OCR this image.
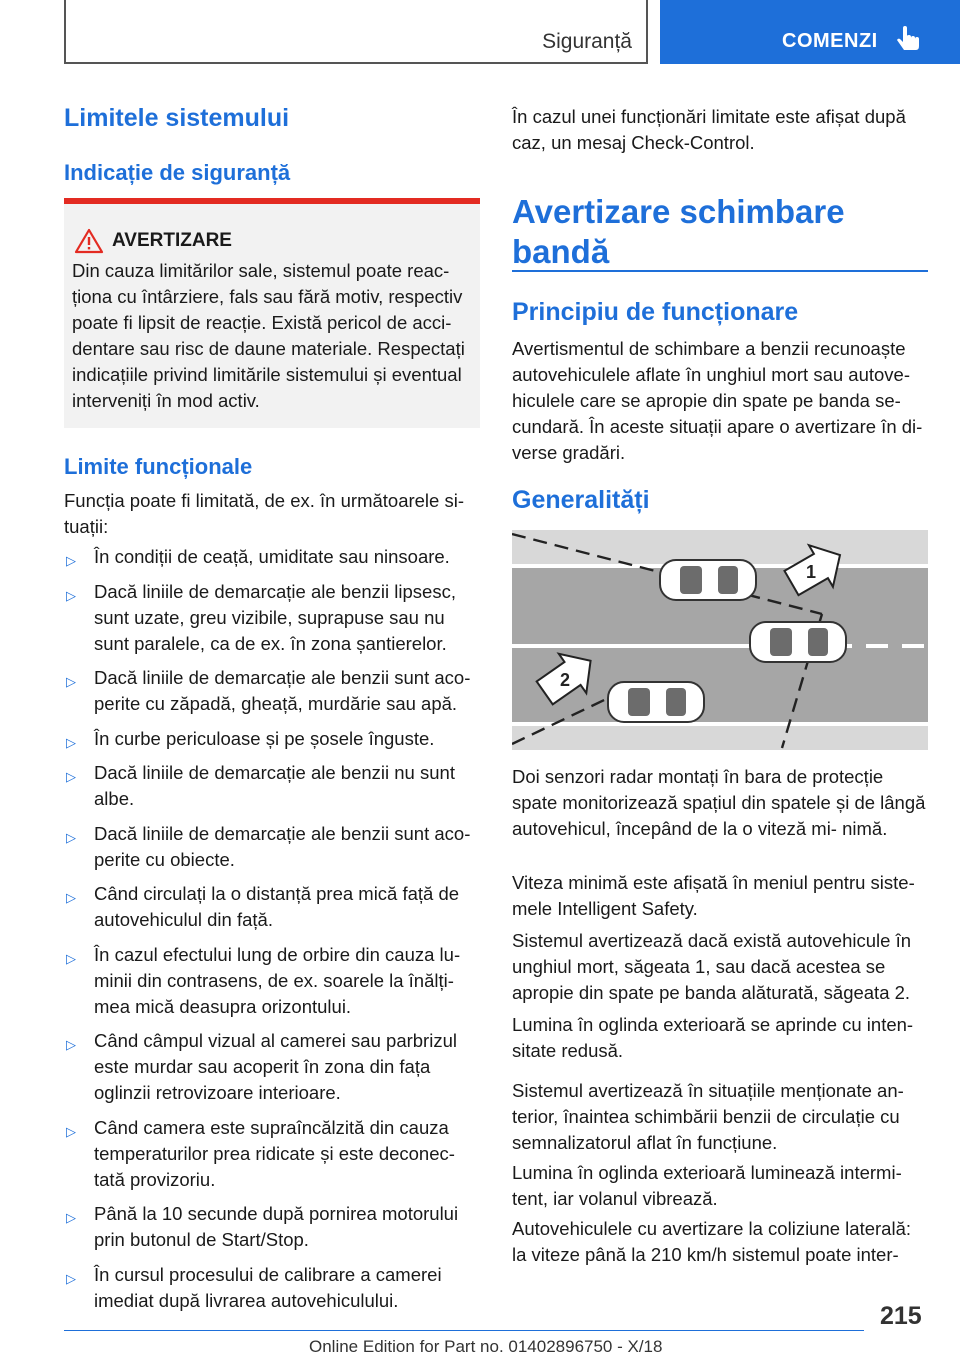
Siguranță	COMENZI
Limitele sistemului
Indicație de siguranță
AVERTIZARE

Din cauza limitărilor sale, sistemul poate reac‐ ționa cu întârziere, fals sau fără motiv, respectiv poate fi lipsit de reacție. Există pericol de acci‐ dentare sau risc de daune materiale. Respectați indicațiile privind limitările sistemului și eventual interveniți în mod activ.

Limite funcționale

Funcția poate fi limitată, de ex. în următoarele si‐ tuații:

▷ În condiții de ceață, umiditate sau ninsoare.
▷ Dacă liniile de demarcație ale benzii lipsesc, sunt uzate, greu vizibile, suprapuse sau nu sunt paralele, ca de ex. în zona șantierelor.
▷ Dacă liniile de demarcație ale benzii sunt aco‐ perite cu zăpadă, gheață, murdărie sau apă.
▷ În curbe periculoase și pe șosele înguste.
▷ Dacă liniile de demarcație ale benzii nu sunt albe.
▷ Dacă liniile de demarcație ale benzii sunt aco‐ perite cu obiecte.
▷ Când circulați la o distanță prea mică față de autovehiculul din față.
▷ În cazul efectului lung de orbire din cauza lu‐ minii din contrasens, de ex. soarele la înălți‐ mea mică deasupra orizontului.
▷ Când câmpul vizual al camerei sau parbrizul este murdar sau acoperit în zona din fața oglinzii retrovizoare interioare.
▷ Când camera este supraîncălzită din cauza temperaturilor prea ridicate și este deconec‐ tată provizoriu.
▷ Până la 10 secunde după pornirea motorului prin butonul de Start/Stop.
▷ În cursul procesului de calibrare a camerei imediat după livrarea autovehiculului.

În cazul unei funcționări limitate este afișat după caz, un mesaj Check-Control.

Avertizare schimbare bandă
Principiu de funcționare

Avertismentul de schimbare a benzii recunoaște autovehiculele aflate în unghiul mort sau autove‐ hiculele care se apropie din spate pe banda se‐ cundară. În aceste situații apare o avertizare în di‐ verse gradări.

Generalități
1
2

Doi senzori radar montați în bara de protecție spate monitorizează spațiul din spatele și de lângă autovehicul, începând de la o viteză mi‐ nimă.

Viteza minimă este afișată în meniul pentru siste‐ mele Intelligent Safety.

Sistemul avertizează dacă există autovehicule în unghiul mort, săgeata 1, sau dacă acestea se apropie din spate pe banda alăturată, săgeata 2.

Lumina în oglinda exterioară se aprinde cu inten‐ sitate redusă.

Sistemul avertizează în situațiile menționate an‐ terior, înaintea schimbării benzii de circulație cu semnalizatorul aflat în funcțiune.

Lumina în oglinda exterioară luminează intermi‐ tent, iar volanul vibrează.

Autovehiculele cu avertizare la coliziune laterală: la viteze până la 210 km/h sistemul poate inter‐

215
Online Edition for Part no. 01402896750 - X/18
